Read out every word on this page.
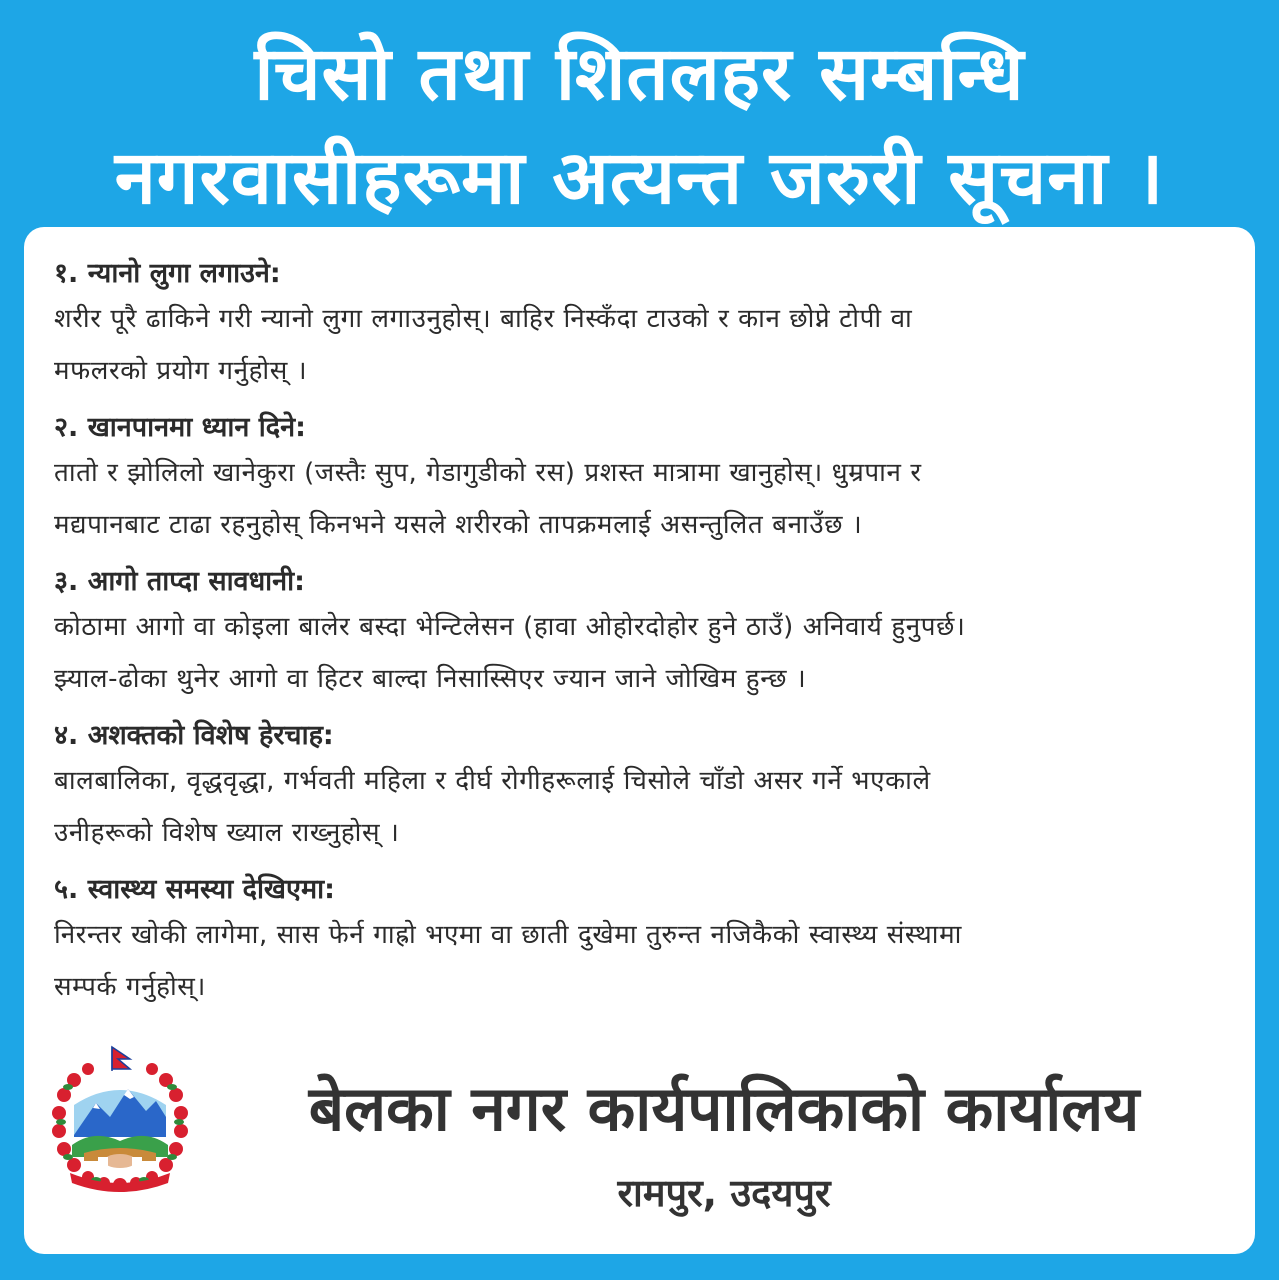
चिसो तथा शितलहर सम्बन्धि
नगरवासीहरूमा अत्यन्त जरुरी सूचना ।
१. न्यानो लुगा लगाउने:
शरीर पूरै ढाकिने गरी न्यानो लुगा लगाउनुहोस्। बाहिर निस्कँदा टाउको र कान छोप्ने टोपी वा
मफलरको प्रयोग गर्नुहोस् ।
२. खानपानमा ध्यान दिने:
तातो र झोलिलो खानेकुरा (जस्तैः सुप, गेडागुडीको रस) प्रशस्त मात्रामा खानुहोस्। धुम्रपान र
मद्यपानबाट टाढा रहनुहोस् किनभने यसले शरीरको तापक्रमलाई असन्तुलित बनाउँछ ।
३. आगो ताप्दा सावधानी:
कोठामा आगो वा कोइला बालेर बस्दा भेन्टिलेसन (हावा ओहोरदोहोर हुने ठाउँ) अनिवार्य हुनुपर्छ।
झ्याल-ढोका थुनेर आगो वा हिटर बाल्दा निसास्सिएर ज्यान जाने जोखिम हुन्छ ।
४. अशक्तको विशेष हेरचाह:
बालबालिका, वृद्धवृद्धा, गर्भवती महिला र दीर्घ रोगीहरूलाई चिसोले चाँडो असर गर्ने भएकाले
उनीहरूको विशेष ख्याल राख्नुहोस् ।
५. स्वास्थ्य समस्या देखिएमा:
निरन्तर खोकी लागेमा, सास फेर्न गाह्रो भएमा वा छाती दुखेमा तुरुन्त नजिकैको स्वास्थ्य संस्थामा
सम्पर्क गर्नुहोस्।
बेलका नगर कार्यपालिकाको कार्यालय
रामपुर, उदयपुर
